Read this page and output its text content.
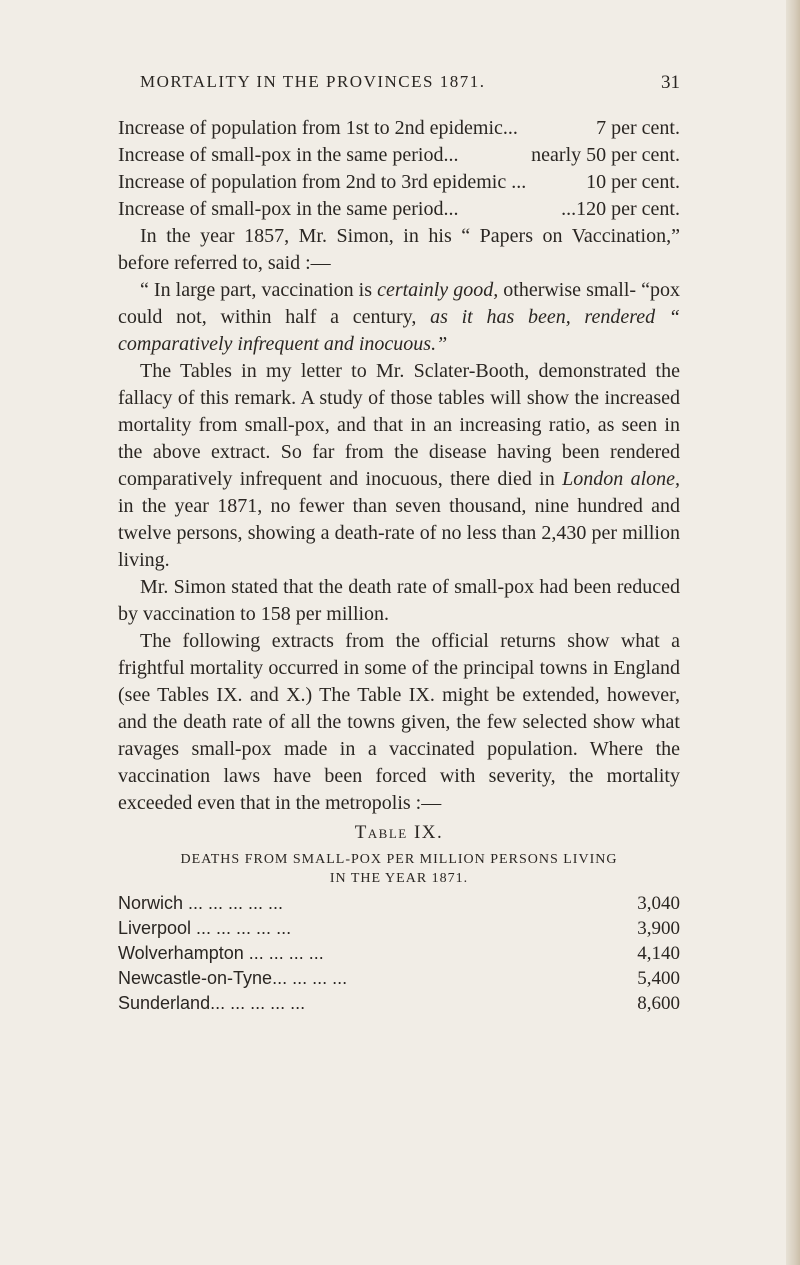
MORTALITY IN THE PROVINCES 1871.	31
Increase of population from 1st to 2nd epidemic...	7 per cent.
Increase of small-pox in the same period...	nearly 50 per cent.
Increase of population from 2nd to 3rd epidemic ...	10 per cent.
Increase of small-pox in the same period...	...120 per cent.

In the year 1857, Mr. Simon, in his “ Papers on Vaccination,” before referred to, said :—

“ In large part, vaccination is certainly good, otherwise small- “pox could not, within half a century, as it has been, rendered “ comparatively infrequent and inocuous.”

The Tables in my letter to Mr. Sclater-Booth, demonstrated the fallacy of this remark. A study of those tables will show the increased mortality from small-pox, and that in an increasing ratio, as seen in the above extract. So far from the disease having been rendered comparatively infrequent and inocuous, there died in London alone, in the year 1871, no fewer than seven thousand, nine hundred and twelve persons, showing a death-rate of no less than 2,430 per million living.

Mr. Simon stated that the death rate of small-pox had been reduced by vaccination to 158 per million.

The following extracts from the official returns show what a frightful mortality occurred in some of the principal towns in England (see Tables IX. and X.) The Table IX. might be extended, however, and the death rate of all the towns given, the few selected show what ravages small-pox made in a vaccinated population. Where the vaccination laws have been forced with severity, the mortality exceeded even that in the metropolis :—

Table IX.
DEATHS FROM SMALL-POX PER MILLION PERSONS LIVING
IN THE YEAR 1871.
Norwich ... ... ... ... ...	3,040
Liverpool ... ... ... ... ...	3,900
Wolverhampton ... ... ... ...	4,140
Newcastle-on-Tyne... ... ... ...	5,400
Sunderland... ... ... ... ...	8,600
